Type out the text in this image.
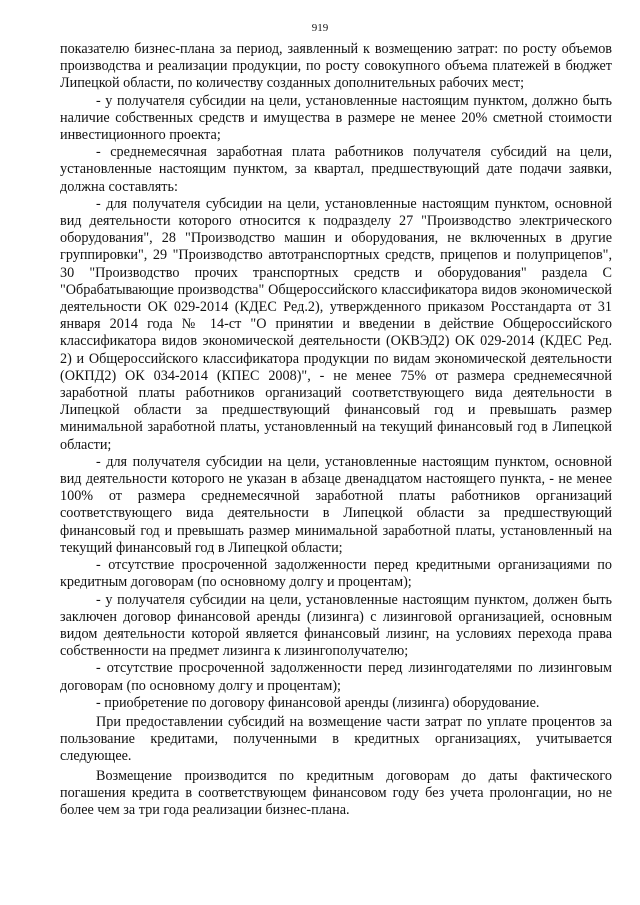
919

показателю бизнес-плана за период, заявленный к возмещению затрат: по росту объемов производства и реализации продукции, по росту совокупного объема платежей в бюджет Липецкой области, по количеству созданных дополнительных рабочих мест;

- у получателя субсидии на цели, установленные настоящим пунктом, должно быть наличие собственных средств и имущества в размере не менее 20% сметной стоимости инвестиционного проекта;

- среднемесячная заработная плата работников получателя субсидий на цели, установленные настоящим пунктом, за квартал, предшествующий дате подачи заявки, должна составлять:

- для получателя субсидии на цели, установленные настоящим пунктом, основной вид деятельности которого относится к подразделу 27 "Производство электрического оборудования", 28 "Производство машин и оборудования, не включенных в другие группировки", 29 "Производство автотранспортных средств, прицепов и полуприцепов", 30 "Производство прочих транспортных средств и оборудования" раздела С "Обрабатывающие производства" Общероссийского классификатора видов экономической деятельности ОК 029-2014 (КДЕС Ред.2), утвержденного приказом Росстандарта от 31 января 2014 года № 14-ст "О принятии и введении в действие Общероссийского классификатора видов экономической деятельности (ОКВЭД2) ОК 029-2014 (КДЕС Ред. 2) и Общероссийского классификатора продукции по видам экономической деятельности (ОКПД2) ОК 034-2014 (КПЕС 2008)", - не менее 75% от размера среднемесячной заработной платы работников организаций соответствующего вида деятельности в Липецкой области за предшествующий финансовый год и превышать размер минимальной заработной платы, установленный на текущий финансовый год в Липецкой области;

- для получателя субсидии на цели, установленные настоящим пунктом, основной вид деятельности которого не указан в абзаце двенадцатом настоящего пункта, - не менее 100% от размера среднемесячной заработной платы работников организаций соответствующего вида деятельности в Липецкой области за предшествующий финансовый год и превышать размер минимальной заработной платы, установленный на текущий финансовый год в Липецкой области;

- отсутствие просроченной задолженности перед кредитными организациями по кредитным договорам (по основному долгу и процентам);

- у получателя субсидии на цели, установленные настоящим пунктом, должен быть заключен договор финансовой аренды (лизинга) с лизинговой организацией, основным видом деятельности которой является финансовый лизинг, на условиях перехода права собственности на предмет лизинга к лизингополучателю;

- отсутствие просроченной задолженности перед лизингодателями по лизинговым договорам (по основному долгу и процентам);

- приобретение по договору финансовой аренды (лизинга) оборудование.

При предоставлении субсидий на возмещение части затрат по уплате процентов за пользование кредитами, полученными в кредитных организациях, учитывается следующее.

Возмещение производится по кредитным договорам до даты фактического погашения кредита в соответствующем финансовом году без учета пролонгации, но не более чем за три года реализации бизнес-плана.
